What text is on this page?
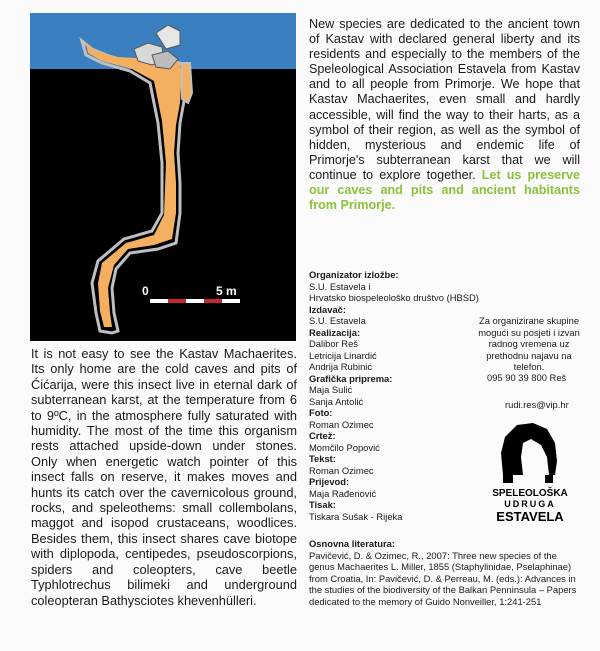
0	5 m
It is not easy to see the Kastav Machaerites. Its only home are the cold caves and pits of Ćićarija, were this insect live in eternal dark of subterranean karst, at the temperature from 6 to 9ºC, in the atmosphere fully saturated with humidity. The most of the time this organism rests attached upside-down under stones. Only when energetic watch pointer of this insect falls on reserve, it makes moves and hunts its catch over the cavernicolous ground, rocks, and speleothems: small collembolans, maggot and isopod crustaceans, woodlices. Besides them, this insect shares cave biotope with diplopoda, centipedes, pseudoscorpions, spiders and coleopters, cave beetle Typhlotrechus bilimeki and underground coleopteran Bathysciotes khevenhülleri.
New species are dedicated to the ancient town of Kastav with declared general liberty and its residents and especially to the members of the Speleological Association Estavela from Kastav and to all people from Primorje. We hope that Kastav Machaerites, even small and hardly accessible, will find the way to their harts, as a symbol of their region, as well as the symbol of hidden, mysterious and endemic life of Primorje's subterranean karst that we will continue to explore together. Let us preserve our caves and pits and ancient habitants from Primorje.
Organizator izložbe:
S.U. Estavela i
Hrvatsko biospeleološko društvo (HBSD)
Izdavač:
S.U. Estavela
Realizacija:
Dalibor Reš
Letricija Linardić
Andrija Rubinić
Grafička priprema:
Maja Sulić
Sanja Antolić
Foto:
Roman Ozimec
Crtež:
Momčilo Popović
Tekst:
Roman Ozimec
Prijevod:
Maja Rađenović
Tisak:
Tiskara Sušak - Rijeka
Za organizirane skupine mogući su posjeti i izvan radnog vremena uz prethodnu najavu na telefon.
095 90 39 800 Reš
rudi.res@vip.hr
SPELEOLOŠKA
UDRUGA
ESTAVELA
Osnovna literatura:
Pavičević, D. & Ozimec, R., 2007: Three new species of the genus Machaerites L. Miller, 1855 (Staphylinidae, Pselaphinae) from Croatia, In: Pavičević, D. & Perreau, M. (eds.): Advances in the studies of the biodiversity of the Balkan Penninsula – Papers dedicated to the memory of Guido Nonveiller, 1:241-251
